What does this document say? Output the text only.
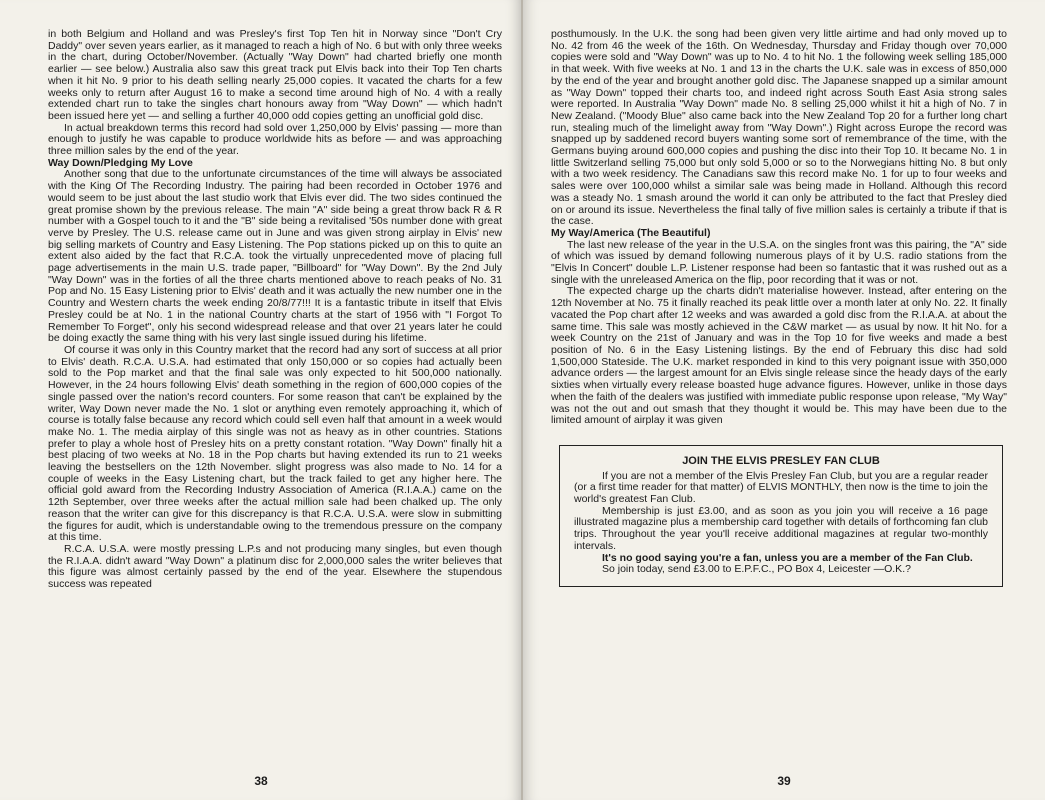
in both Belgium and Holland and was Presley's first Top Ten hit in Norway since "Don't Cry Daddy" over seven years earlier, as it managed to reach a high of No. 6 but with only three weeks in the chart, during October/November. (Actually "Way Down" had charted briefly one month earlier — see below.) Australia also saw this great track put Elvis back into their Top Ten charts when it hit No. 9 prior to his death selling nearly 25,000 copies. It vacated the charts for a few weeks only to return after August 16 to make a second time around high of No. 4 with a really extended chart run to take the singles chart honours away from "Way Down" — which hadn't been issued here yet — and selling a further 40,000 odd copies getting an unofficial gold disc.

In actual breakdown terms this record had sold over 1,250,000 by Elvis' passing — more than enough to justify he was capable to produce worldwide hits as before — and was approaching three million sales by the end of the year.

Way Down/Pledging My Love

Another song that due to the unfortunate circumstances of the time will always be associated with the King Of The Recording Industry. The pairing had been recorded in October 1976 and would seem to be just about the last studio work that Elvis ever did. The two sides continued the great promise shown by the previous release. The main "A" side being a great throw back R & R number with a Gospel touch to it and the "B" side being a revitalised '50s number done with great verve by Presley. The U.S. release came out in June and was given strong airplay in Elvis' new big selling markets of Country and Easy Listening. The Pop stations picked up on this to quite an extent also aided by the fact that R.C.A. took the virtually unprecedented move of placing full page advertisements in the main U.S. trade paper, "Billboard" for "Way Down". By the 2nd July "Way Down" was in the forties of all the three charts mentioned above to reach peaks of No. 31 Pop and No. 15 Easy Listening prior to Elvis' death and it was actually the new number one in the Country and Western charts the week ending 20/8/77!!! It is a fantastic tribute in itself that Elvis Presley could be at No. 1 in the national Country charts at the start of 1956 with "I Forgot To Remember To Forget", only his second widespread release and that over 21 years later he could be doing exactly the same thing with his very last single issued during his lifetime.

Of course it was only in this Country market that the record had any sort of success at all prior to Elvis' death. R.C.A. U.S.A. had estimated that only 150,000 or so copies had actually been sold to the Pop market and that the final sale was only expected to hit 500,000 nationally. However, in the 24 hours following Elvis' death something in the region of 600,000 copies of the single passed over the nation's record counters. For some reason that can't be explained by the writer, Way Down never made the No. 1 slot or anything even remotely approaching it, which of course is totally false because any record which could sell even half that amount in a week would make No. 1. The media airplay of this single was not as heavy as in other countries. Stations prefer to play a whole host of Presley hits on a pretty constant rotation. "Way Down" finally hit a best placing of two weeks at No. 18 in the Pop charts but having extended its run to 21 weeks leaving the bestsellers on the 12th November. slight progress was also made to No. 14 for a couple of weeks in the Easy Listening chart, but the track failed to get any higher here. The official gold award from the Recording Industry Association of America (R.I.A.A.) came on the 12th September, over three weeks after the actual million sale had been chalked up. The only reason that the writer can give for this discrepancy is that R.C.A. U.S.A. were slow in submitting the figures for audit, which is understandable owing to the tremendous pressure on the company at this time.

R.C.A. U.S.A. were mostly pressing L.P.s and not producing many singles, but even though the R.I.A.A. didn't award "Way Down" a platinum disc for 2,000,000 sales the writer believes that this figure was almost certainly passed by the end of the year. Elsewhere the stupendous success was repeated

38

posthumously. In the U.K. the song had been given very little airtime and had only moved up to No. 42 from 46 the week of the 16th. On Wednesday, Thursday and Friday though over 70,000 copies were sold and "Way Down" was up to No. 4 to hit No. 1 the following week selling 185,000 in that week. With five weeks at No. 1 and 13 in the charts the U.K. sale was in excess of 850,000 by the end of the year and brought another gold disc. The Japanese snapped up a similar amount as "Way Down" topped their charts too, and indeed right across South East Asia strong sales were reported. In Australia "Way Down" made No. 8 selling 25,000 whilst it hit a high of No. 7 in New Zealand. ("Moody Blue" also came back into the New Zealand Top 20 for a further long chart run, stealing much of the limelight away from "Way Down".) Right across Europe the record was snapped up by saddened record buyers wanting some sort of remembrance of the time, with the Germans buying around 600,000 copies and pushing the disc into their Top 10. It became No. 1 in little Switzerland selling 75,000 but only sold 5,000 or so to the Norwegians hitting No. 8 but only with a two week residency. The Canadians saw this record make No. 1 for up to four weeks and sales were over 100,000 whilst a similar sale was being made in Holland. Although this record was a steady No. 1 smash around the world it can only be attributed to the fact that Presley died on or around its issue. Nevertheless the final tally of five million sales is certainly a tribute if that is the case.

My Way/America (The Beautiful)

The last new release of the year in the U.S.A. on the singles front was this pairing, the "A" side of which was issued by demand following numerous plays of it by U.S. radio stations from the "Elvis In Concert" double L.P. Listener response had been so fantastic that it was rushed out as a single with the unreleased America on the flip, poor recording that it was or not.

The expected charge up the charts didn't materialise however. Instead, after entering on the 12th November at No. 75 it finally reached its peak little over a month later at only No. 22. It finally vacated the Pop chart after 12 weeks and was awarded a gold disc from the R.I.A.A. at about the same time. This sale was mostly achieved in the C&W market — as usual by now. It hit No. for a week Country on the 21st of January and was in the Top 10 for five weeks and made a best position of No. 6 in the Easy Listening listings. By the end of February this disc had sold 1,500,000 Stateside. The U.K. market responded in kind to this very poignant issue with 350,000 advance orders — the largest amount for an Elvis single release since the heady days of the early sixties when virtually every release boasted huge advance figures. However, unlike in those days when the faith of the dealers was justified with immediate public response upon release, "My Way" was not the out and out smash that they thought it would be. This may have been due to the limited amount of airplay it was given

JOIN THE ELVIS PRESLEY FAN CLUB

If you are not a member of the Elvis Presley Fan Club, but you are a regular reader (or a first time reader for that matter) of ELVIS MONTHLY, then now is the time to join the world's greatest Fan Club.

Membership is just £3.00, and as soon as you join you will receive a 16 page illustrated magazine plus a membership card together with details of forthcoming fan club trips. Throughout the year you'll receive additional magazines at regular two-monthly intervals.

It's no good saying you're a fan, unless you are a member of the Fan Club.

So join today, send £3.00 to E.P.F.C., PO Box 4, Leicester —O.K.?

39
